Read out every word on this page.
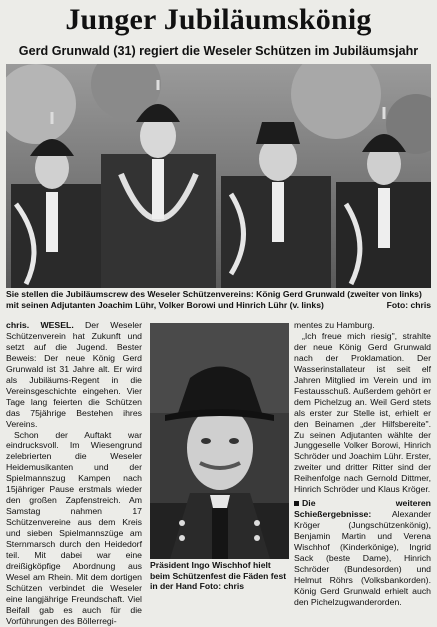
Junger Jubiläumskönig
Gerd Grunwald (31) regiert die Weseler Schützen im Jubiläumsjahr
Sie stellen die Jubiläumscrew des Weseler Schützenvereins: König Gerd Grunwald (zweiter von links) mit seinen Adjutanten Joachim Lühr, Volker Borowi und Hinrich Lühr (v. links)	Foto: chris

chris. WESEL. Der Weseler Schützenverein hat Zukunft und setzt auf die Jugend. Bester Beweis: Der neue König Gerd Grunwald ist 31 Jahre alt. Er wird als Jubiläums-Regent in die Vereinsgeschichte eingehen. Vier Tage lang feierten die Schützen das 75jährige Bestehen ihres Vereins.

Schon der Auftakt war eindrucksvoll. Im Wiesengrund zelebrierten die Weseler Heidemusikanten und der Spielmannszug Kampen nach 15jähriger Pause erstmals wieder den großen Zapfenstreich. Am Samstag nahmen 17 Schützenvereine aus dem Kreis und sieben Spielmannszüge am Sternmarsch durch den Heidedorf teil. Mit dabei war eine dreißigköpfige Abordnung aus Wesel am Rhein. Mit dem dortigen Schützen verbindet die Weseler eine langjährige Freundschaft. Viel Beifall gab es auch für die Vorführungen des Böllerregi-

Präsident Ingo Wischhof hielt beim Schützenfest die Fäden fest in der Hand Foto: chris

mentes zu Hamburg.

„Ich freue mich riesig", strahlte der neue König Gerd Grunwald nach der Proklamation. Der Wasserinstallateur ist seit elf Jahren Mitglied im Verein und im Festausschuß. Außerdem gehört er dem Pichelzug an. Weil Gerd stets als erster zur Stelle ist, erhielt er den Beinamen „der Hilfsbereite". Zu seinen Adjutanten wählte der Junggeselle Volker Borowi, Hinrich Schröder und Joachim Lühr. Erster, zweiter und dritter Ritter sind der Reihenfolge nach Gernold Dittmer, Hinrich Schröder und Klaus Kröger.

Die weiteren Schießergebnisse: Alexander Kröger (Jungschützenkönig), Benjamin Martin und Verena Wischhof (Kinderkönige), Ingrid Sack (beste Dame), Hinrich Schröder (Bundesorden) und Helmut Röhrs (Volksbankorden). König Gerd Grunwald erhielt auch den Pichelzugwanderorden.
